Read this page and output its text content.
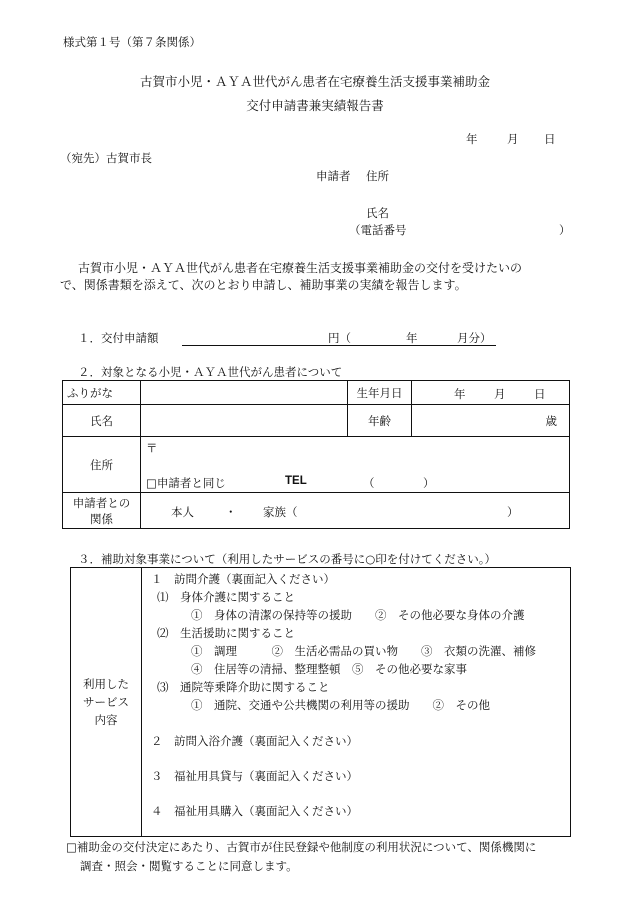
様式第１号（第７条関係）
古賀市小児・ＡＹＡ世代がん患者在宅療養生活支援事業補助金
交付申請書兼実績報告書
年	月 日
（宛先）古賀市長
申請者 住所
氏名
（電話番号	）
古賀市小児・ＡＹＡ世代がん患者在宅療養生活支援事業補助金の交付を受けたいの
で、関係書類を添えて、次のとおり申請し、補助事業の実績を報告します。
１．交付申請額	円（	年	月分）
２．対象となる小児・ＡＹＡ世代がん患者について
ふりがな		生年月日	年 月 日

氏名		年齢	歳
住所	〒
□申請者と同じ TEL （ ）		

申請者との
関係	本人 ・ 家族（ ）		
３．補助対象事業について（利用したサービスの番号に○印を付けてください。）
利用した
サービス
内容
１　訪問介護（裏面記入ください）
⑴　身体介護に関すること
①　身体の清潔の保持等の援助　　②　その他必要な身体の介護
⑵　生活援助に関すること
①　調理　　　②　生活必需品の買い物　　③　衣類の洗濯、補修
④　住居等の清掃、整理整頓　⑤　その他必要な家事
⑶　通院等乗降介助に関すること
①　通院、交通や公共機関の利用等の援助　　②　その他
２　訪問入浴介護（裏面記入ください）
３　福祉用具貸与（裏面記入ください）
４　福祉用具購入（裏面記入ください）
□補助金の交付決定にあたり、古賀市が住民登録や他制度の利用状況について、関係機関に
調査・照会・閲覧することに同意します。
